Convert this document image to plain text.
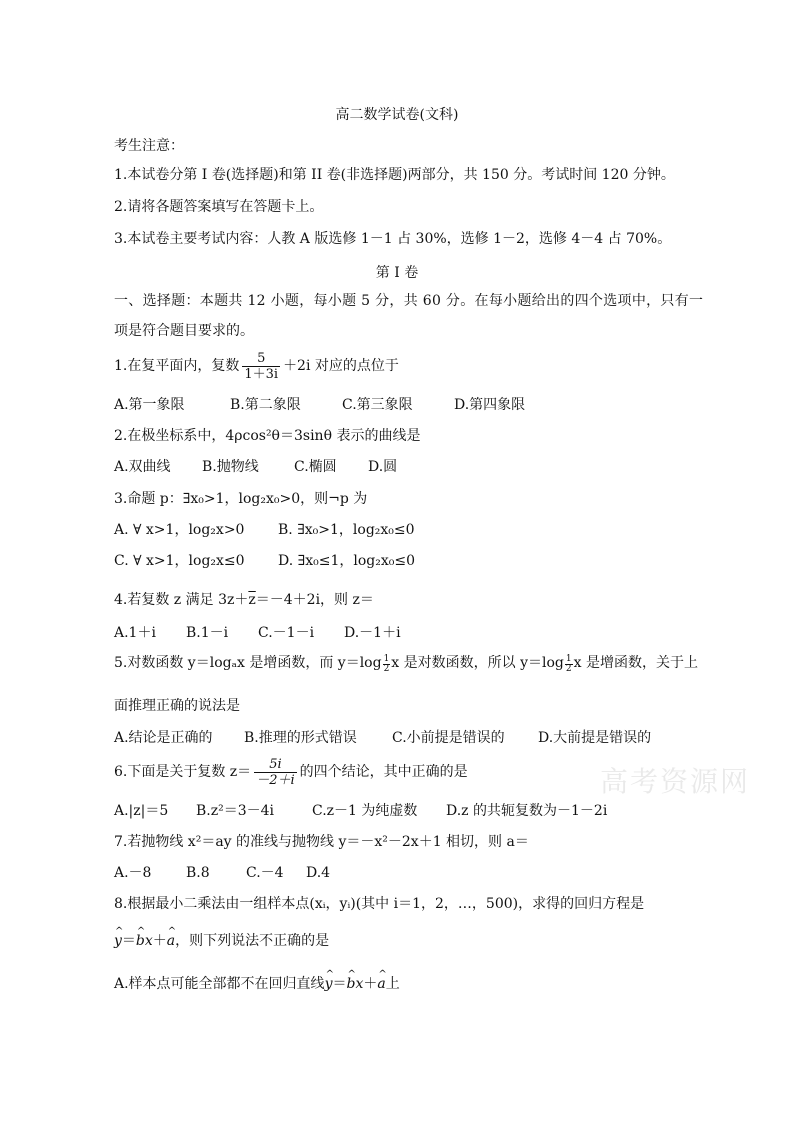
高二数学试卷(文科)
考生注意：
1.本试卷分第 I 卷(选择题)和第 II 卷(非选择题)两部分，共 150 分。考试时间 120 分钟。
2.请将各题答案填写在答题卡上。
3.本试卷主要考试内容：人教 A 版选修 1－1 占 30%，选修 1－2，选修 4－4 占 70%。
第 I 卷
一、选择题：本题共 12 小题，每小题 5 分，共 60 分。在每小题给出的四个选项中，只有一
项是符合题目要求的。
1.在复平面内，复数 $\frac{5}{1+3i} +2i$ 对应的点位于
A.第一象限	B.第二象限	C.第三象限	D.第四象限
2.在极坐标系中，4ρcos²θ＝3sinθ 表示的曲线是
A.双曲线 B.抛物线	C.椭圆 D.圆
3.命题 p：∃x₀>1，log₂x₀>0，则¬p 为
A. ∀ x>1，log₂x>0 B. ∃x₀>1，log₂x₀≤0
C. ∀ x>1，log₂x≤0 D. ∃x₀≤1，log₂x₀≤0
4.若复数 z 满足 $3z+\overline{z}=-4+2i$，则 z＝
A.1＋i B.1－i C.－1－i D.－1＋i
5.对数函数 y＝logₐx 是增函数，而 $y=\log \frac{1}{2}$ x 是对数函数，所以 $y=\log \frac{1}{2}$ x 是增函数，关于上
面推理正确的说法是
A.结论是正确的 B.推理的形式错误	C.小前提是错误的 D.大前提是错误的
6.下面是关于复数 $z= \frac{5i}{-2+i}$ 的四个结论，其中正确的是
A.|z|＝5 B.z²＝3－4i	C.z－1 为纯虚数 D.z 的共轭复数为－1－2i
7.若抛物线 x²＝ay 的准线与抛物线 y＝－x²－2x＋1 相切，则 a＝
A.－8 B.8	C.－4 D.4
8.根据最小二乘法由一组样本点(xᵢ，yᵢ)(其中 i＝1，2，…，500)，求得的回归方程是
^ y＝^ bx＋^ a，则下列说法不正确的是
A.样本点可能全部都不在回归直线^ y＝^ bx＋^ a上
高考资源网
